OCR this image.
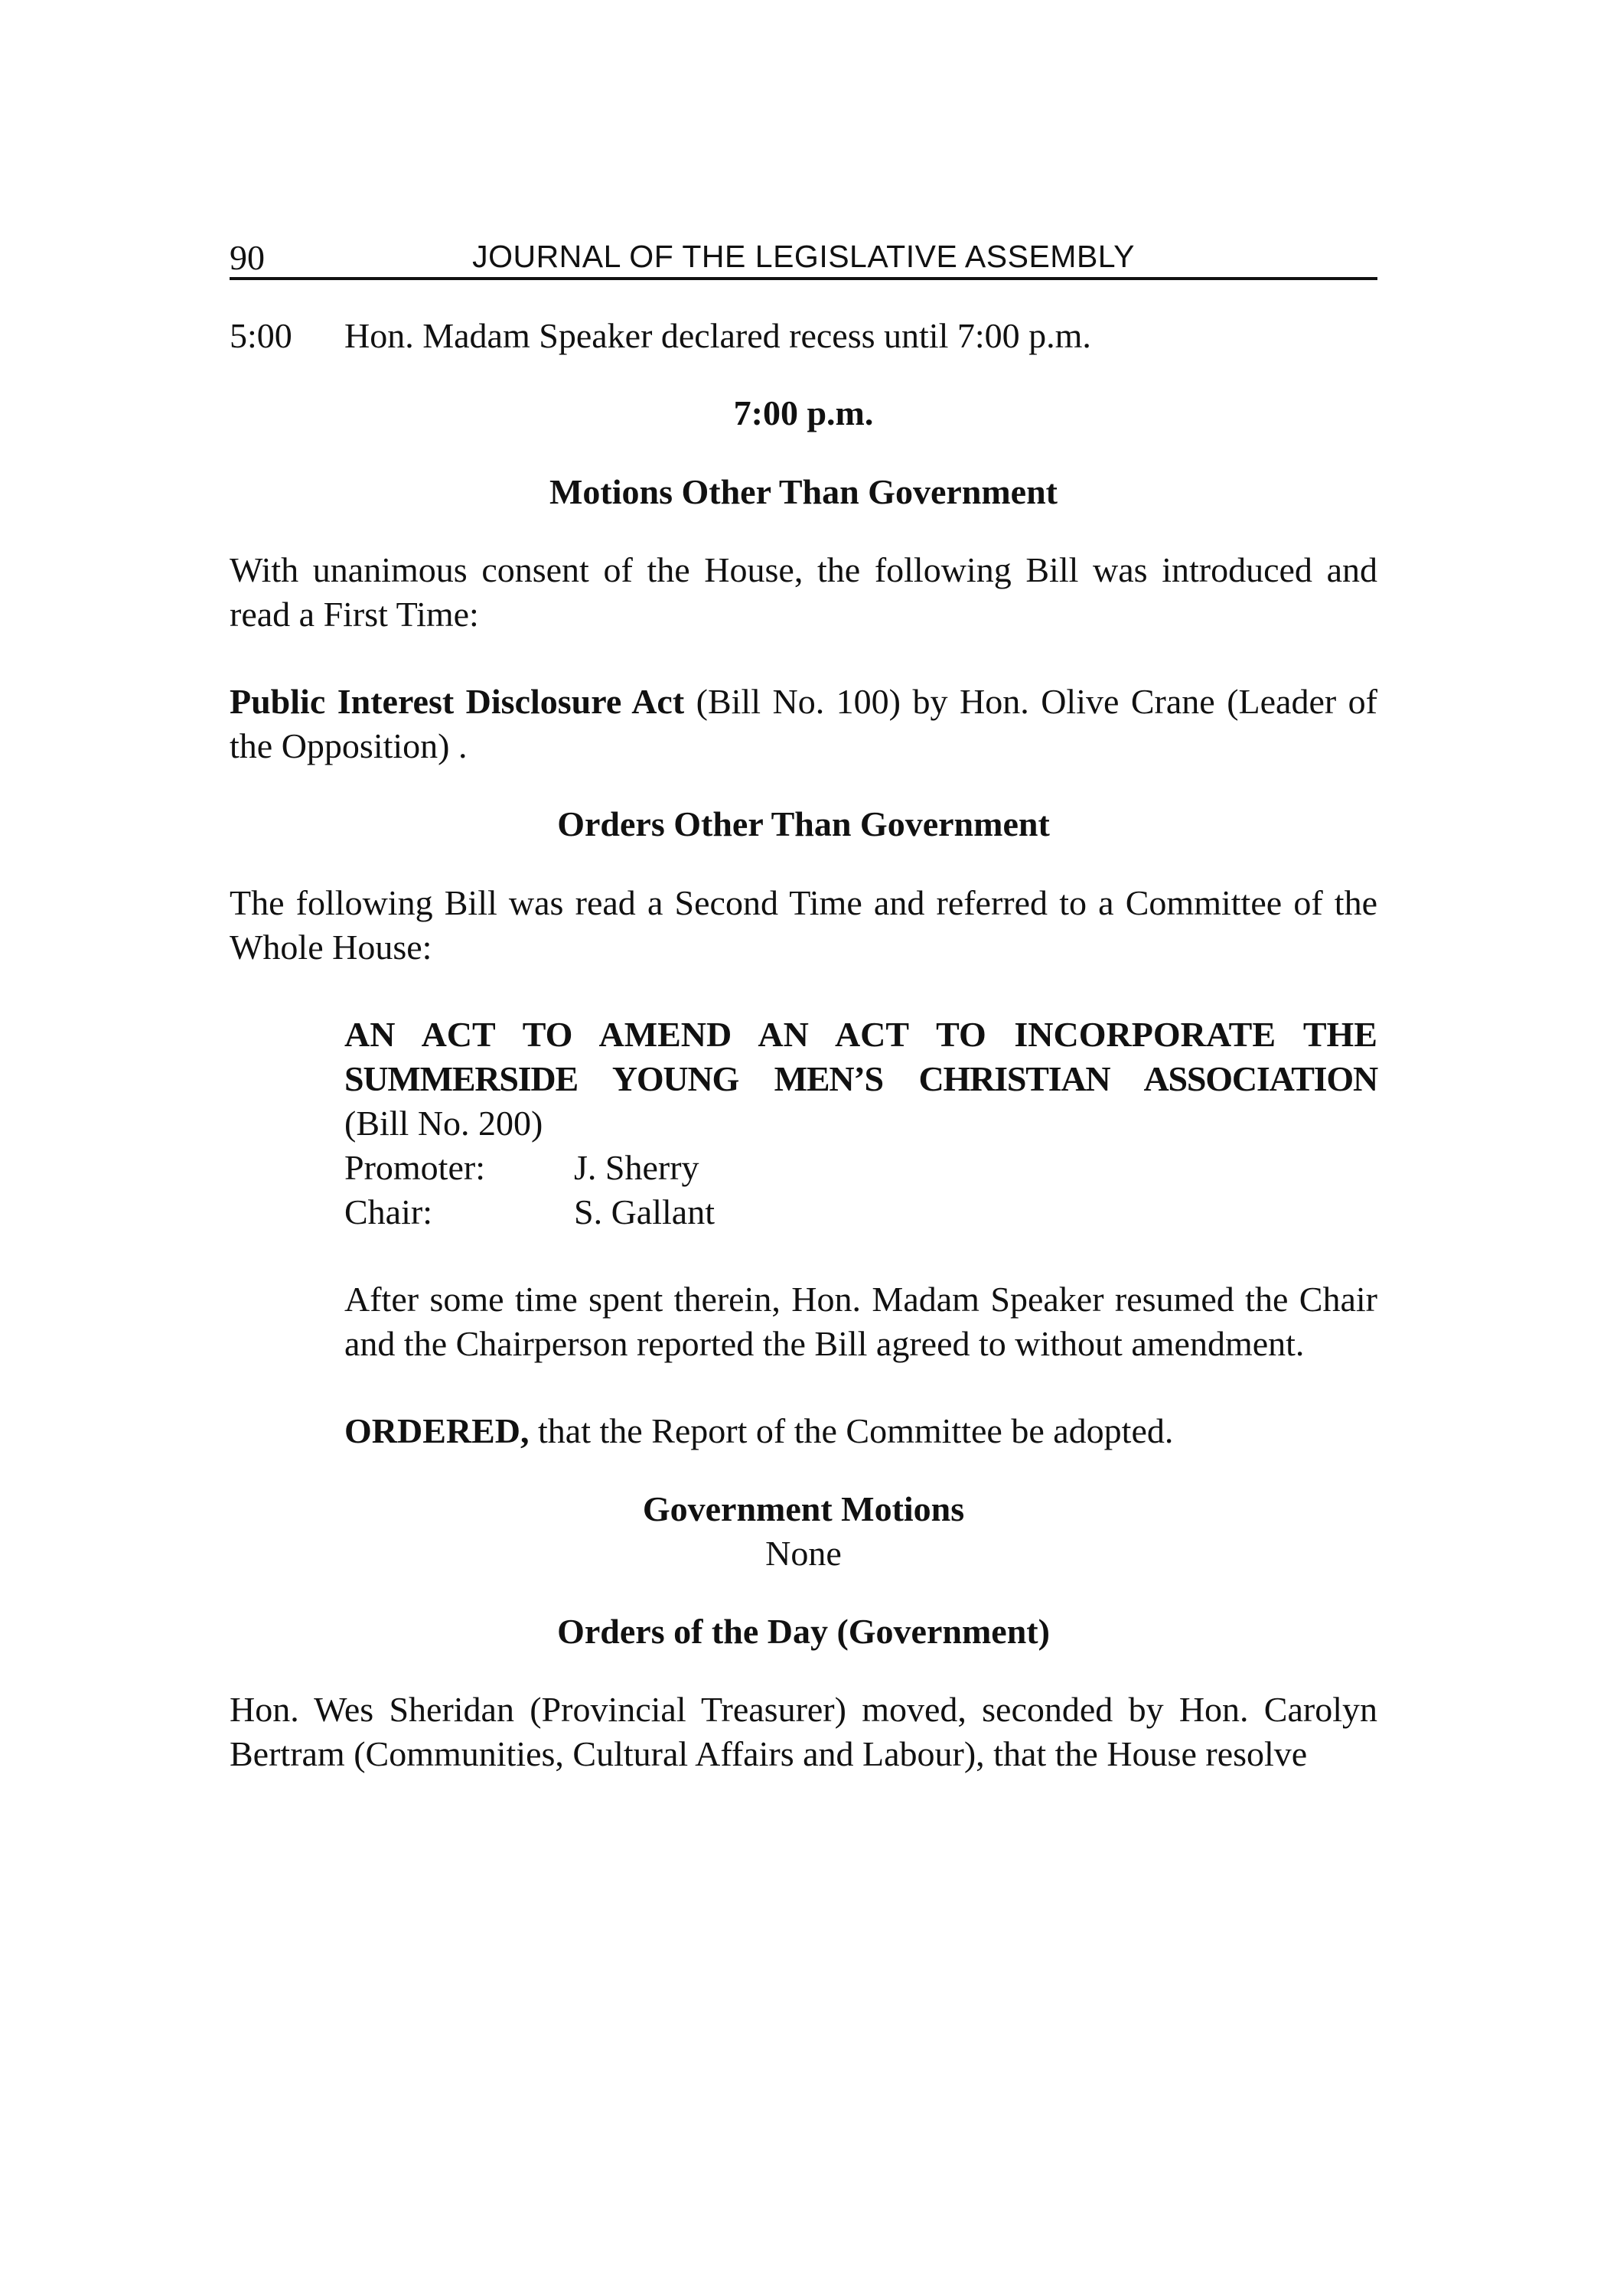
90	JOURNAL OF THE LEGISLATIVE ASSEMBLY
5:00	Hon. Madam Speaker declared recess until 7:00 p.m.

7:00 p.m.

Motions Other Than Government

With unanimous consent of the House, the following Bill was introduced and read a First Time:

Public Interest Disclosure Act (Bill No. 100) by Hon. Olive Crane (Leader of the Opposition) .

Orders Other Than Government

The following Bill was read a Second Time and referred to a Committee of the Whole House:

AN ACT TO AMEND AN ACT TO INCORPORATE THE

SUMMERSIDE YOUNG MEN’S CHRISTIAN ASSOCIATION

(Bill No. 200)

Promoter:	J. Sherry
Chair:	S. Gallant

After some time spent therein, Hon. Madam Speaker resumed the Chair and the Chairperson reported the Bill agreed to without amendment.

ORDERED, that the Report of the Committee be adopted.

Government Motions

None

Orders of the Day (Government)

Hon. Wes Sheridan (Provincial Treasurer) moved, seconded by Hon. Carolyn Bertram (Communities, Cultural Affairs and Labour), that the House resolve
